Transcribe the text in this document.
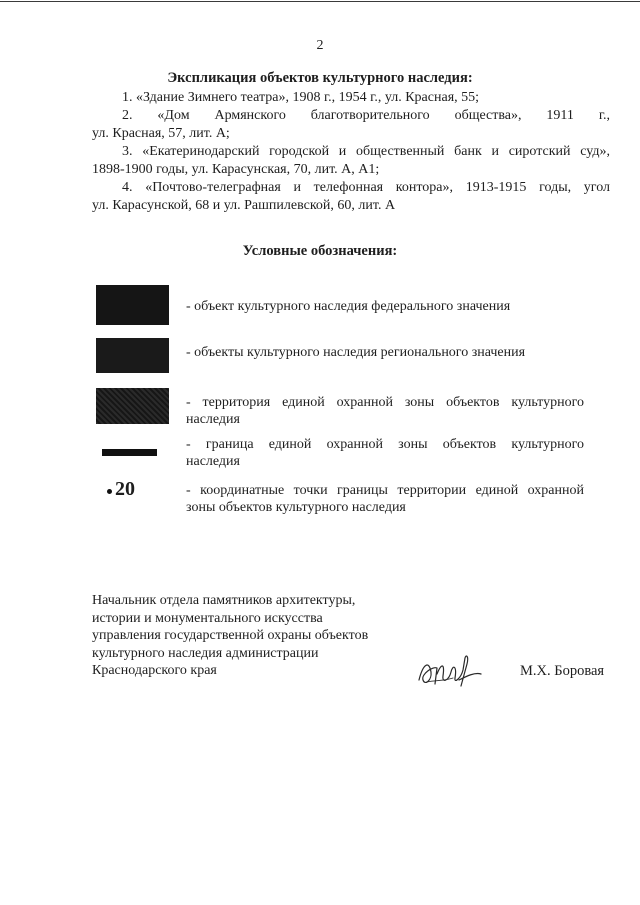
2
Экспликация объектов культурного наследия:
1. «Здание Зимнего театра», 1908 г., 1954 г., ул. Красная, 55;
2. «Дом Армянского благотворительного общества», 1911 г.,
ул. Красная, 57, лит. А;
3. «Екатеринодарский городской и общественный банк и сиротский суд»,
1898-1900 годы, ул. Карасунская, 70, лит. А, А1;
4. «Почтово-телеграфная и телефонная контора», 1913-1915 годы, угол
ул. Карасунской, 68 и ул. Рашпилевской, 60, лит. А
Условные обозначения:
- объект культурного наследия федерального значения
- объекты культурного наследия регионального значения
- территория единой охранной зоны объектов культурного
наследия
- граница единой охранной зоны объектов культурного
наследия
20	- координатные точки границы территории единой охранной
зоны объектов культурного наследия
Начальник отдела памятников архитектуры,
истории и монументального искусства
управления государственной охраны объектов
культурного наследия администрации
Краснодарского края	М.Х. Боровая
